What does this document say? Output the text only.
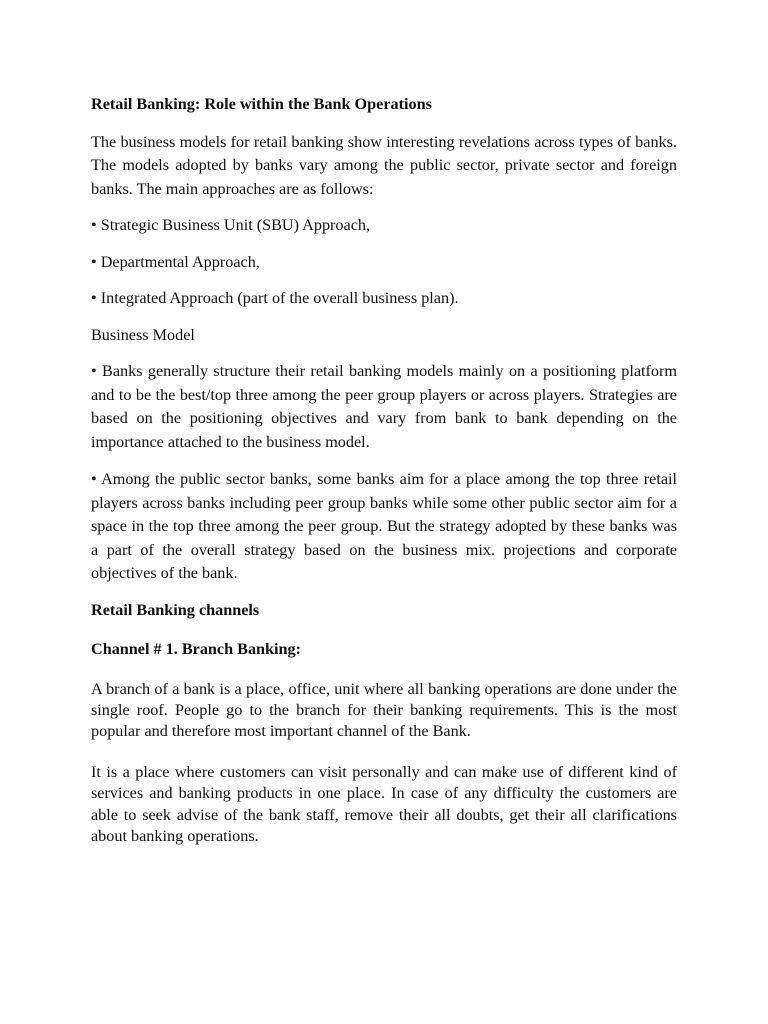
Retail Banking: Role within the Bank Operations

The business models for retail banking show interesting revelations across types of banks. The models adopted by banks vary among the public sector, private sector and foreign banks. The main approaches are as follows:

• Strategic Business Unit (SBU) Approach,

• Departmental Approach,

• Integrated Approach (part of the overall business plan).

Business Model

• Banks generally structure their retail banking models mainly on a positioning platform and to be the best/top three among the peer group players or across players. Strategies are based on the positioning objectives and vary from bank to bank depending on the importance attached to the business model.

• Among the public sector banks, some banks aim for a place among the top three retail players across banks including peer group banks while some other public sector aim for a space in the top three among the peer group. But the strategy adopted by these banks was a part of the overall strategy based on the business mix. projections and corporate objectives of the bank.

Retail Banking channels

Channel # 1. Branch Banking:

A branch of a bank is a place, office, unit where all banking operations are done under the single roof. People go to the branch for their banking requirements. This is the most popular and therefore most important channel of the Bank.

It is a place where customers can visit personally and can make use of different kind of services and banking products in one place. In case of any difficulty the customers are able to seek advise of the bank staff, remove their all doubts, get their all clarifications about banking operations.
